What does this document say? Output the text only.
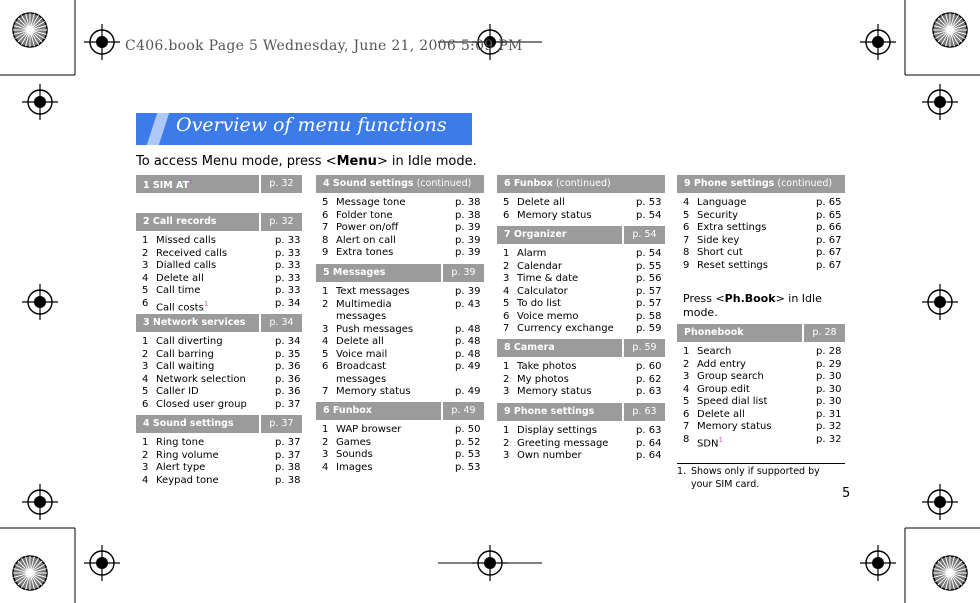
C406.book Page 5 Wednesday, June 21, 2006 5:09 PM
Overview of menu functions
To access Menu mode, press <Menu> in Idle mode.
1 SIM $AT^1$	p. 32
2 Call records	p. 32
1 Missed calls	p. 33
2 Received calls	p. 33
3 Dialled calls	p. 33
4 Delete all	p. 33
5 Call time	p. 33
6 Call costs$^1$	p. 34
3 Network services	p. 34
1 Call diverting	p. 34
2 Call barring	p. 35
3 Call waiting	p. 36
4 Network selection	p. 36
5 Caller ID	p. 36
6 Closed user group	p. 37
4 Sound settings	p. 37
1 Ring tone	p. 37
2 Ring volume	p. 37
3 Alert type	p. 38
4 Keypad tone	p. 38
4 Sound settings (continued)
5 Message tone	p. 38
6 Folder tone	p. 38
7 Power on/off	p. 39
8 Alert on call	p. 39
9 Extra tones	p. 39
5 Messages	p. 39
1 Text messages	p. 39
2 Multimedia
messages
p. 43
3 Push messages	p. 48
4 Delete all	p. 48
5 Voice mail	p. 48
6 Broadcast
messages
p. 49
7 Memory status	p. 49
6 Funbox	p. 49
1 WAP browser	p. 50
2 Games	p. 52
3 Sounds	p. 53
4 Images	p. 53
6 Funbox (continued)
5 Delete all	p. 53
6 Memory status	p. 54
7 Organizer	p. 54
1 Alarm	p. 54
2 Calendar	p. 55
3 Time & date	p. 56
4 Calculator	p. 57
5 To do list	p. 57
6 Voice memo	p. 58
7 Currency exchange p. 59
8 Camera	p. 59
1 Take photos	p. 60
2 My photos	p. 62
3 Memory status	p. 63
9 Phone settings	p. 63
1 Display settings	p. 63
2 Greeting message	p. 64
3 Own number	p. 64
9 Phone settings (continued)
4 Language	p. 65
5 Security	p. 65
6 Extra settings	p. 66
7 Side key	p. 67
8 Short cut	p. 67
9 Reset settings	p. 67
Phonebook	p. 28
1 Search	p. 28
2 Add entry	p. 29
3 Group search	p. 30
4 Group edit	p. 30
5 Speed dial list	p. 30
6 Delete all	p. 31
7 Memory status	p. 32
8 SDN$^1$	p. 32
Press <Ph.Book> in Idle mode.
1. Shows only if supported by your SIM card.
5
